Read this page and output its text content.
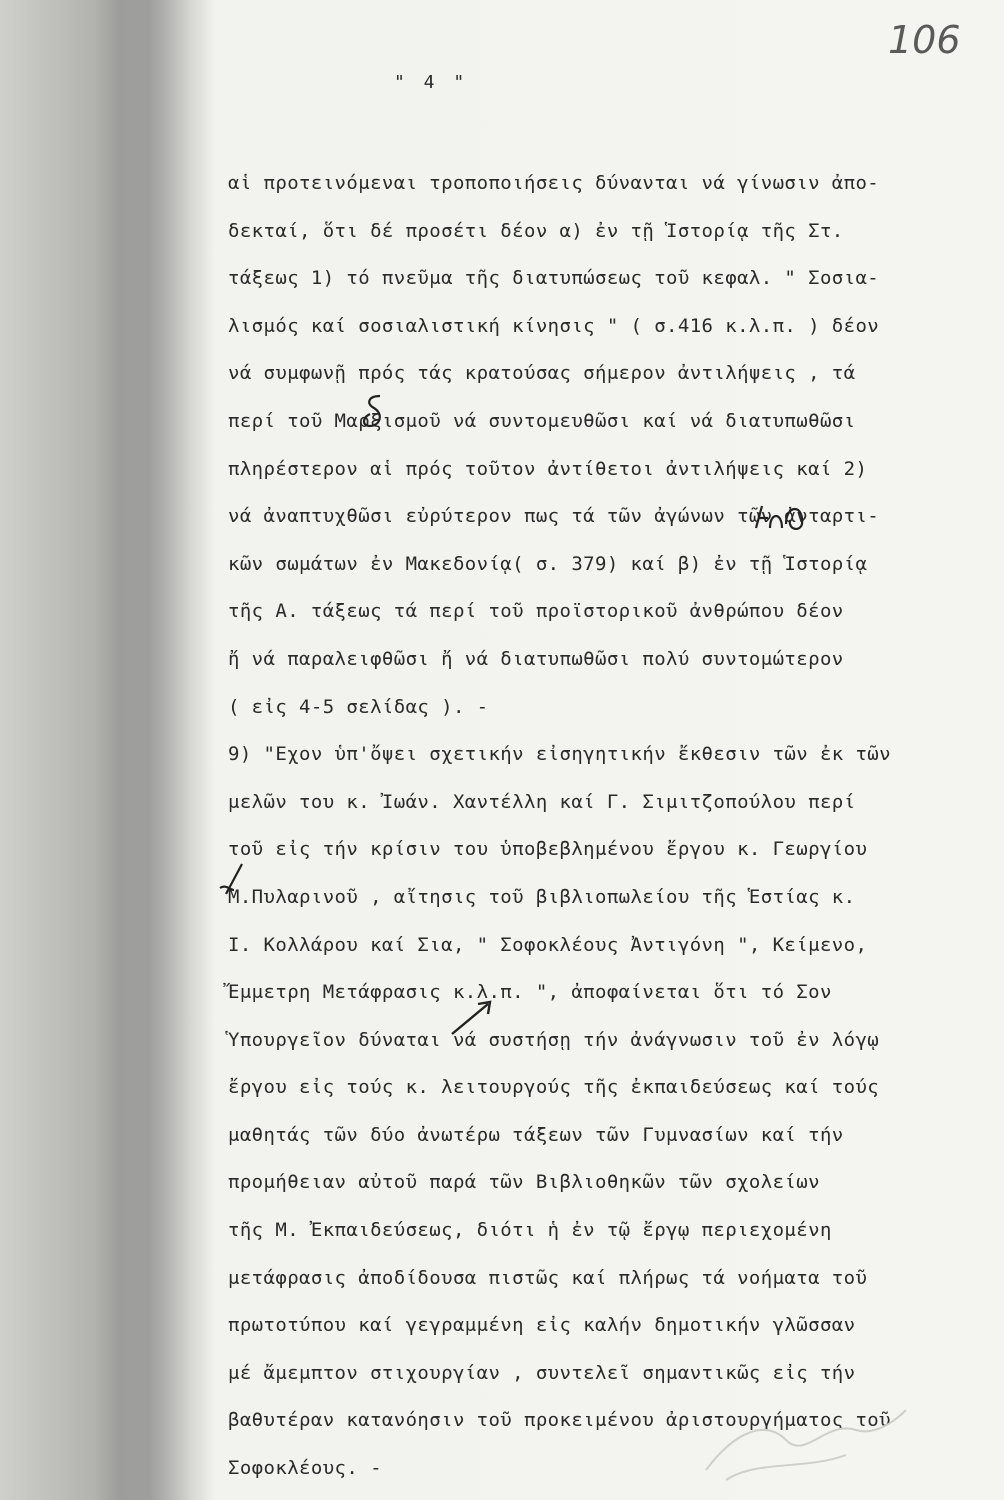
106
" 4 "
αἱ προτεινόμεναι τροποποιήσεις δύνανται νά γίνωσιν ἀπο-
δεκταί, ὅτι δέ προσέτι δέον α) ἐν τῇ Ἱστορίᾳ τῆς Στ.
τάξεως 1) τό πνεῦμα τῆς διατυπώσεως τοῦ κεφαλ. " Σοσια-
λισμός καί σοσιαλιστική κίνησις " ( σ.416 κ.λ.π. ) δέον
νά συμφωνῇ πρός τάς κρατούσας σήμερον ἀντιλήψεις , τά
περί τοῦ Μαρξισμοῦ νά συντομευθῶσι καί νά διατυπωθῶσι
πληρέστερον αἱ πρός τοῦτον ἀντίθετοι ἀντιλήψεις καί 2)
νά ἀναπτυχθῶσι εὐρύτερον πως τά τῶν ἀγώνων τῶν ἀνταρτι-
κῶν σωμάτων ἐν Μακεδονίᾳ( σ. 379) καί β) ἐν τῇ Ἱστορίᾳ
τῆς Α. τάξεως τά περί τοῦ προϊστορικοῦ ἀνθρώπου δέον
ἤ νά παραλειφθῶσι ἤ νά διατυπωθῶσι πολύ συντομώτερον
( εἰς 4-5 σελίδας ). -
9) "Εχον ὑπ'ὄψει σχετικήν εἰσηγητικήν ἔκθεσιν τῶν ἐκ τῶν
μελῶν του κ. Ἰωάν. Χαντέλλη καί Γ. Σιμιτζοπούλου περί
τοῦ εἰς τήν κρίσιν του ὑποβεβλημένου ἔργου κ. Γεωργίου
Μ.Πυλαρινοῦ , αἴτησις τοῦ βιβλιοπωλείου τῆς Ἑστίας κ.
Ι. Κολλάρου καί Σια, " Σοφοκλέους Ἀντιγόνη ", Κείμενο,
Ἔμμετρη Μετάφρασις κ.λ.π. ", ἀποφαίνεται ὅτι τό Σον
Ὑπουργεῖον δύναται νά συστήσῃ τήν ἀνάγνωσιν τοῦ ἐν λόγῳ
ἔργου εἰς τούς κ. λειτουργούς τῆς ἐκπαιδεύσεως καί τούς
μαθητάς τῶν δύο ἀνωτέρω τάξεων τῶν Γυμνασίων καί τήν
προμήθειαν αὐτοῦ παρά τῶν Βιβλιοθηκῶν τῶν σχολείων
τῆς Μ. Ἐκπαιδεύσεως, διότι ἡ ἐν τῷ ἔργῳ περιεχομένη
μετάφρασις ἀποδίδουσα πιστῶς καί πλήρως τά νοήματα τοῦ
πρωτοτύπου καί γεγραμμένη εἰς καλήν δημοτικήν γλῶσσαν
μέ ἄμεμπτον στιχουργίαν , συντελεῖ σημαντικῶς εἰς τήν
βαθυτέραν κατανόησιν τοῦ προκειμένου ἀριστουργήματος τοῦ
Σοφοκλέους. -
